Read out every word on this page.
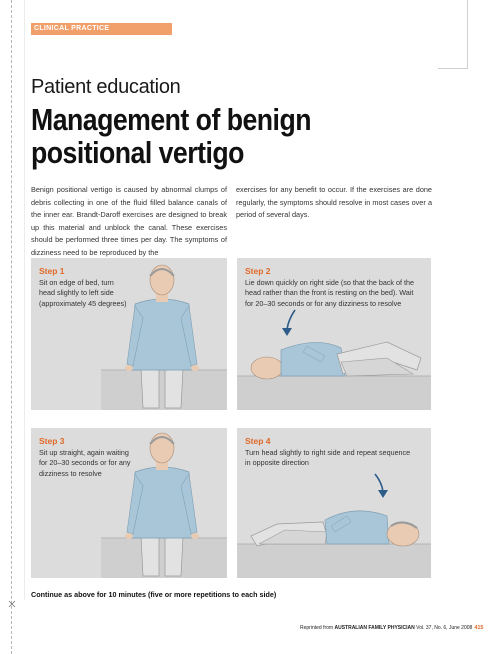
CLINICAL PRACTICE
Patient education
Management of benign positional vertigo
Benign positional vertigo is caused by abnormal clumps of debris collecting in one of the fluid filled balance canals of the inner ear. Brandt-Daroff exercises are designed to break up this material and unblock the canal. These exercises should be performed three times per day. The symptoms of dizziness need to be reproduced by the
exercises for any benefit to occur. If the exercises are done regularly, the symptoms should resolve in most cases over a period of several days.
Step 1
Sit on edge of bed, turn head slightly to left side (approximately 45 degrees)
Step 2
Lie down quickly on right side (so that the back of the head rather than the front is resting on the bed). Wait for 20–30 seconds or for any dizziness to resolve
Step 3
Sit up straight, again waiting for 20–30 seconds or for any dizziness to resolve
Step 4
Turn head slightly to right side and repeat sequence in opposite direction
Continue as above for 10 minutes (five or more repetitions to each side)
Reprinted from AUSTRALIAN FAMILY PHYSICIAN Vol. 37, No. 6, June 2008 415
